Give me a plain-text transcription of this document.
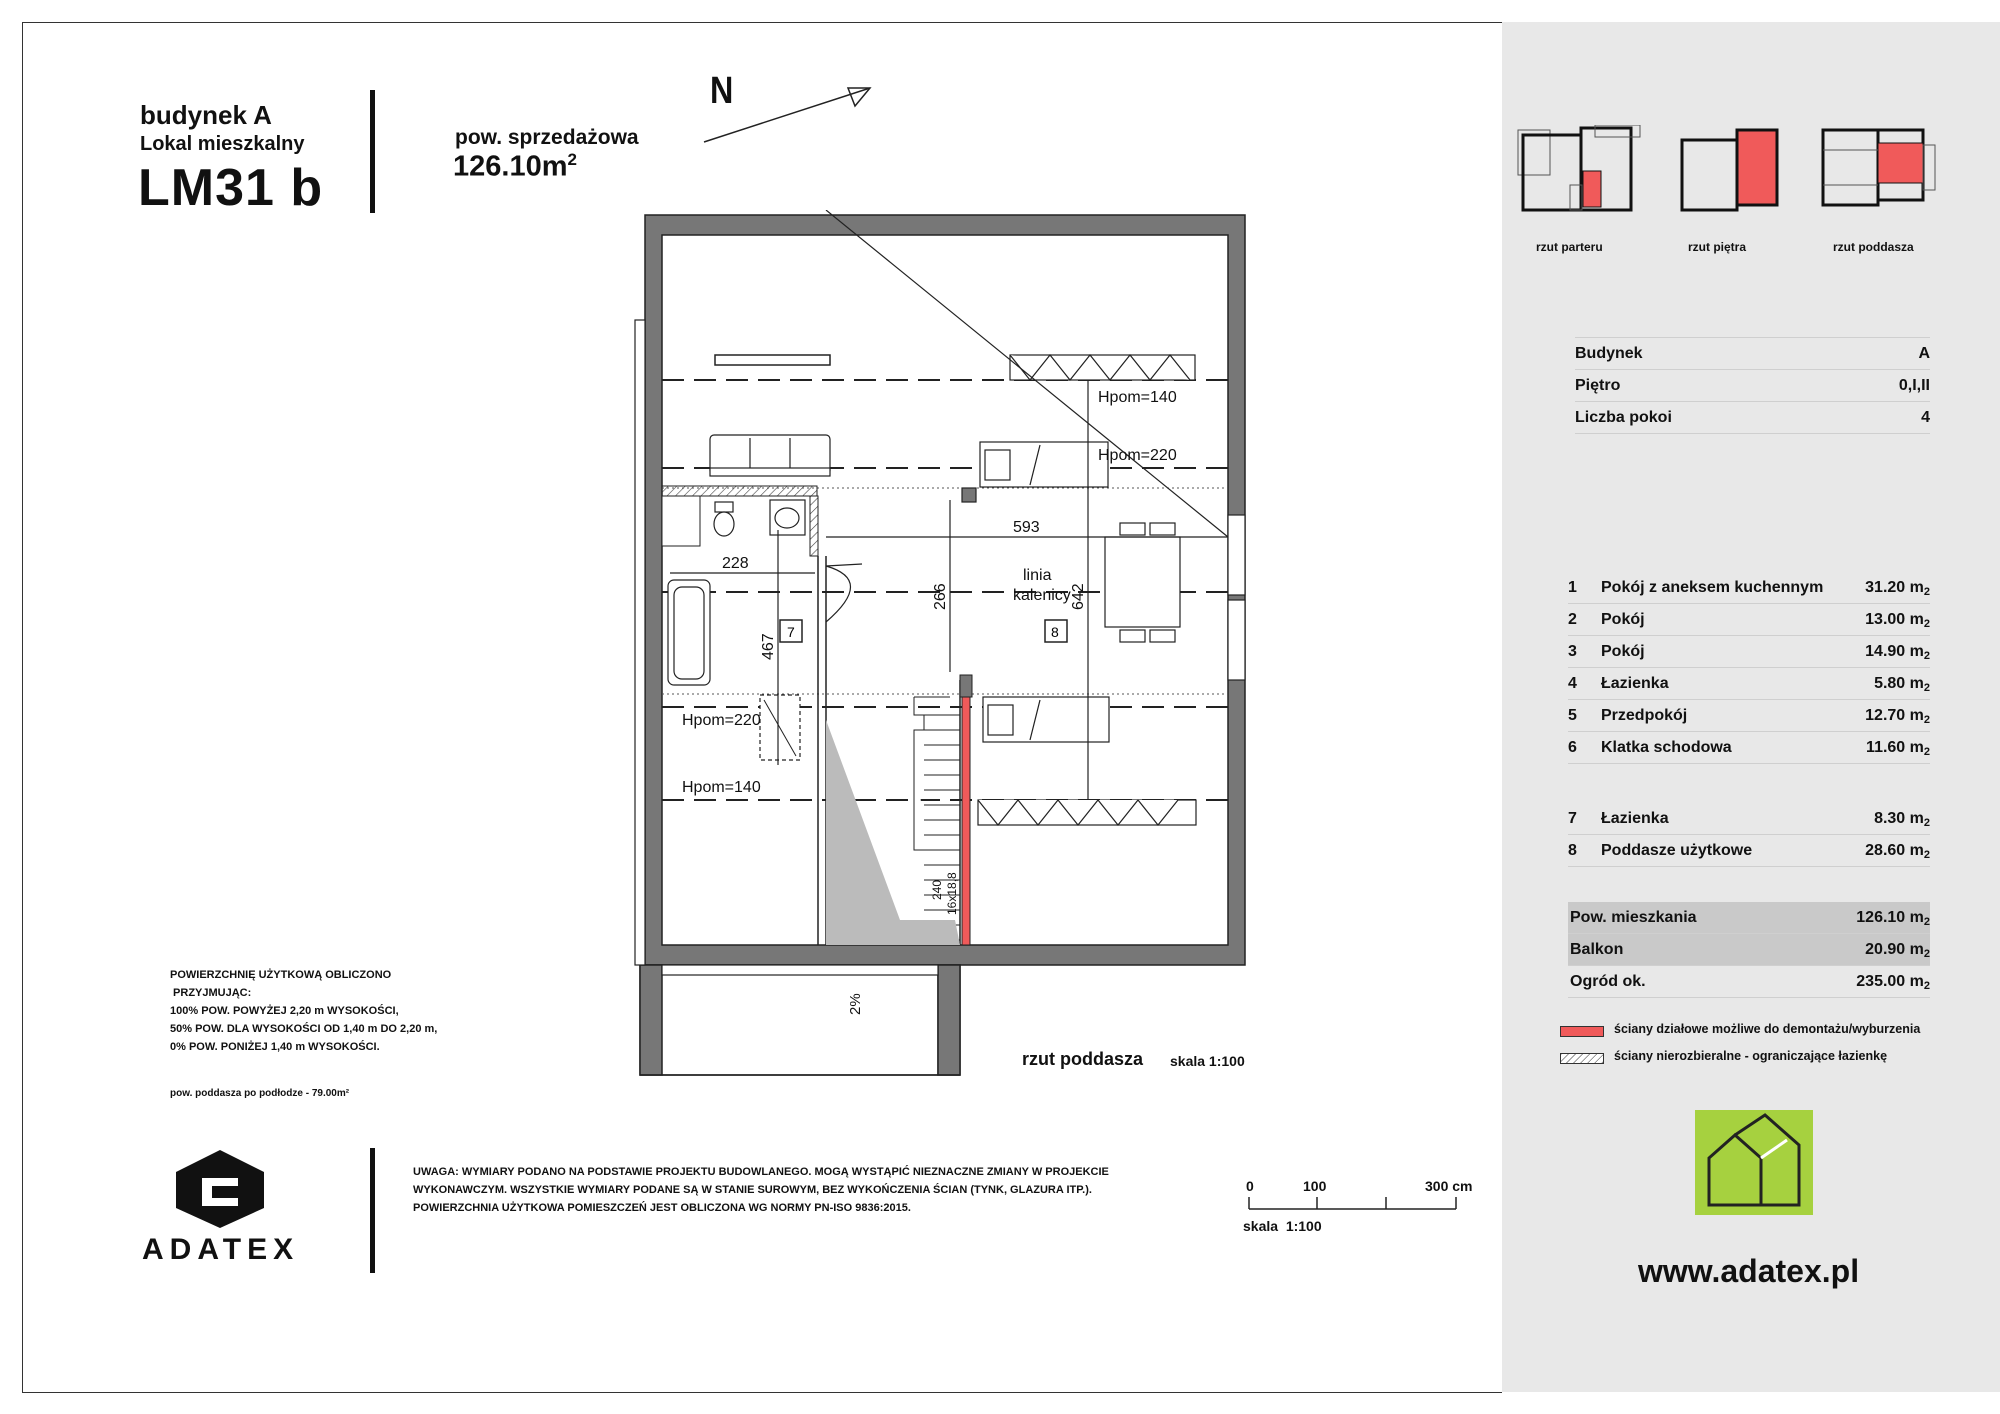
budynek A
Lokal mieszkalny
LM31 b
pow. sprzedażowa
$126.10m^2$
N
Hpom=140
Hpom=220
593
228
linia
kalenicy
Hpom=220
Hpom=140
266	642
467
240 16x18,8
2%
7	8
rzut poddasza skala 1:100
POWIERZCHNIĘ UŻYTKOWĄ OBLICZONO
PRZYJMUJĄC:
100% POW. POWYŻEJ 2,20 m WYSOKOŚCI,
50% POW. DLA WYSOKOŚCI OD 1,40 m DO 2,20 m,
0% POW. PONIŻEJ 1,40 m WYSOKOŚCI.
pow. poddasza po podłodze - 79.00m²
ADATEX
UWAGA: WYMIARY PODANO NA PODSTAWIE PROJEKTU BUDOWLANEGO. MOGĄ WYSTĄPIĆ NIEZNACZNE ZMIANY W PROJEKCIE
WYKONAWCZYM. WSZYSTKIE WYMIARY PODANE SĄ W STANIE SUROWYM, BEZ WYKOŃCZENIA ŚCIAN (TYNK, GLAZURA ITP.).
POWIERZCHNIA UŻYTKOWA POMIESZCZEŃ JEST OBLICZONA WG NORMY PN-ISO 9836:2015.
0	100	300 cm
skala  1:100
rzut parteru	rzut piętra	rzut poddasza
Budynek	A
Piętro	0,I,II
Liczba pokoi	4
1 Pokój z aneksem kuchennym	31.20 $m^2$
2 Pokój	13.00 $m^2$
3 Pokój	14.90 $m^2$
4 Łazienka	5.80 $m^2$
5 Przedpokój	12.70 $m^2$
6 Klatka schodowa	11.60 $m^2$
7 Łazienka	8.30 $m^2$
8 Poddasze użytkowe	28.60 $m^2$
Pow. mieszkania	126.10 $m^2$
Balkon	20.90 $m^2$
Ogród ok.	235.00 $m^2$
ściany działowe możliwe do demontażu/wyburzenia
ściany nierozbieralne - ograniczające łazienkę
www.adatex.pl
